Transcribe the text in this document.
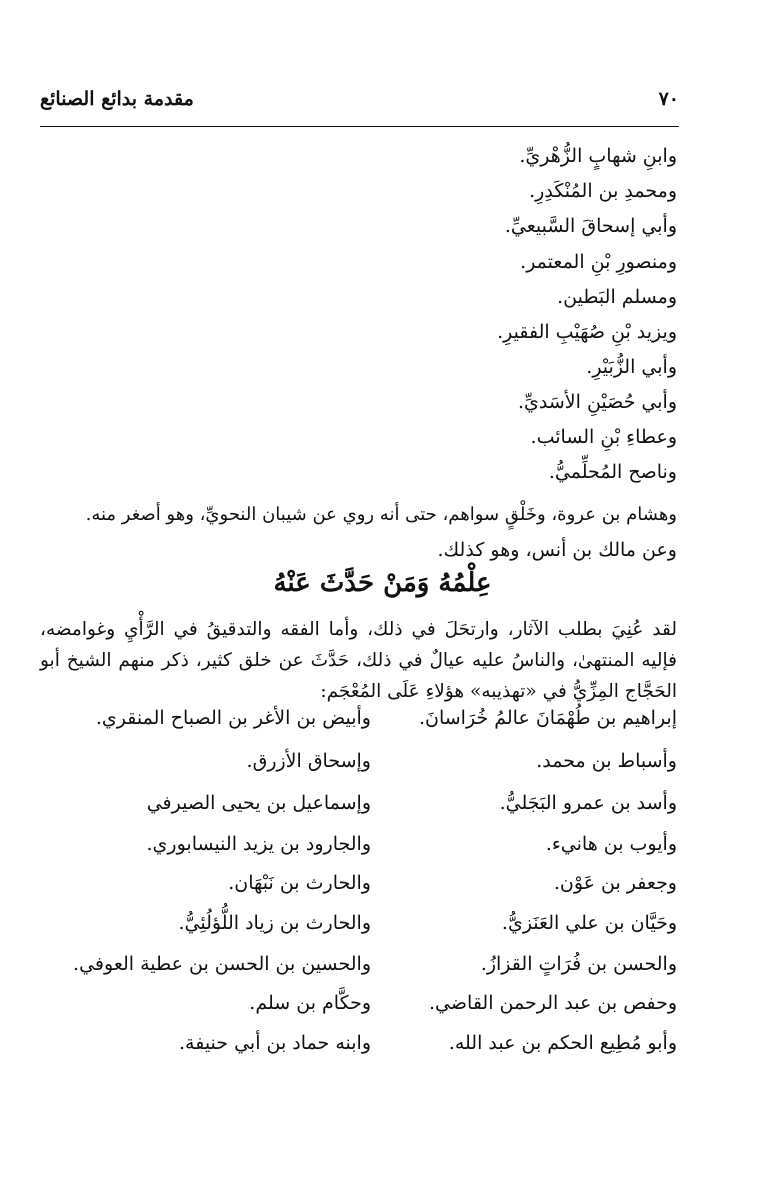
٧٠
مقدمة بدائع الصنائع
وابنِ شهابٍ الزُّهْريِّ.
ومحمدِ بن المُنْكَدِرِ.
وأبي إسحاقَ السَّبيعيِّ.
ومنصورِ بْنِ المعتمر.
ومسلم البَطين.
ويزيد بْنِ صُهَيْبِ الفقيرِ.
وأبي الزُّبَيْرِ.
وأبي حُصَيْنِ الأسَديِّ.
وعطاءِ بْنِ السائب.
وناصح المُحلِّميُّ.
وهشام بن عروة، وخَلْقٍ سواهم، حتى أنه روي عن شيبان النحويِّ، وهو أصغر منه.
وعن مالك بن أنس، وهو كذلك.
عِلْمُهُ وَمَنْ حَدَّثَ عَنْهُ
لقد عُنِيَ بطلب الآثار، وارتحَلَ في ذلك، وأما الفقه والتدقيقُ في الرَّأْيِ وغوامضه، فإليه المنتهىٰ، والناسُ عليه عيالٌ في ذلك، حَدَّثَ عن خلق كثير، ذكر منهم الشيخ أبو الحَجَّاج المِزِّيُّ في «تهذيبه» هؤلاءِ عَلَى المُعْجَم:
إبراهيم بن طُهْمَانَ عالمُ خُرَاسانَ.
وأسباط بن محمد.
وأسد بن عمرو البَجَليُّ.
وأيوب بن هانيء.
وجعفر بن عَوْن.
وحَيَّان بن علي العَنَزيُّ.
والحسن بن فُرَاتٍ القزازُ.
وحفص بن عبد الرحمن القاضي.
وأبو مُطِيع الحكم بن عبد الله.
وأبيض بن الأغر بن الصباح المنقري.
وإسحاق الأزرق.
وإسماعيل بن يحيى الصيرفي
والجارود بن يزيد النيسابوري.
والحارث بن نَبْهَان.
والحارث بن زياد اللُّؤلُئِيُّ.
والحسين بن الحسن بن عطية العوفي.
وحكَّام بن سلم.
وابنه حماد بن أبي حنيفة.
